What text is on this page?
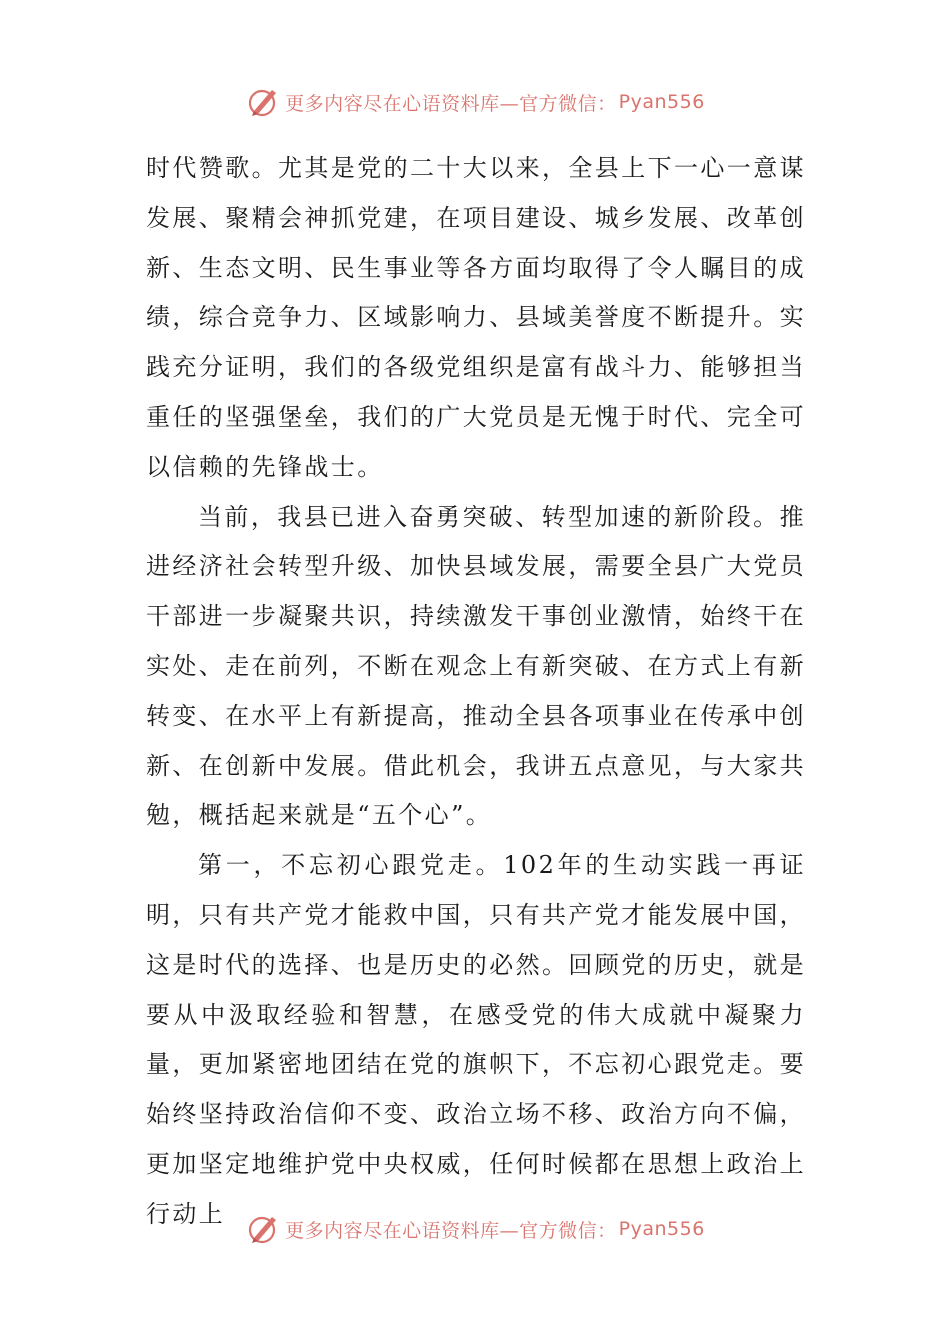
更多内容尽在心语资料库—官方微信： Pyan556

时代赞歌。尤其是党的二十大以来，全县上下一心一意谋发展、聚精会神抓党建，在项目建设、城乡发展、改革创新、生态文明、民生事业等各方面均取得了令人瞩目的成绩，综合竞争力、区域影响力、县域美誉度不断提升。实践充分证明，我们的各级党组织是富有战斗力、能够担当重任的坚强堡垒，我们的广大党员是无愧于时代、完全可以信赖的先锋战士。

当前，我县已进入奋勇突破、转型加速的新阶段。推进经济社会转型升级、加快县域发展，需要全县广大党员干部进一步凝聚共识，持续激发干事创业激情，始终干在实处、走在前列，不断在观念上有新突破、在方式上有新转变、在水平上有新提高，推动全县各项事业在传承中创新、在创新中发展。借此机会，我讲五点意见，与大家共勉，概括起来就是“五个心”。

第一，不忘初心跟党走。102年的生动实践一再证明，只有共产党才能救中国，只有共产党才能发展中国，这是时代的选择、也是历史的必然。回顾党的历史，就是要从中汲取经验和智慧，在感受党的伟大成就中凝聚力量，更加紧密地团结在党的旗帜下，不忘初心跟党走。要始终坚持政治信仰不变、政治立场不移、政治方向不偏，更加坚定地维护党中央权威，任何时候都在思想上政治上行动上

更多内容尽在心语资料库—官方微信： Pyan556
